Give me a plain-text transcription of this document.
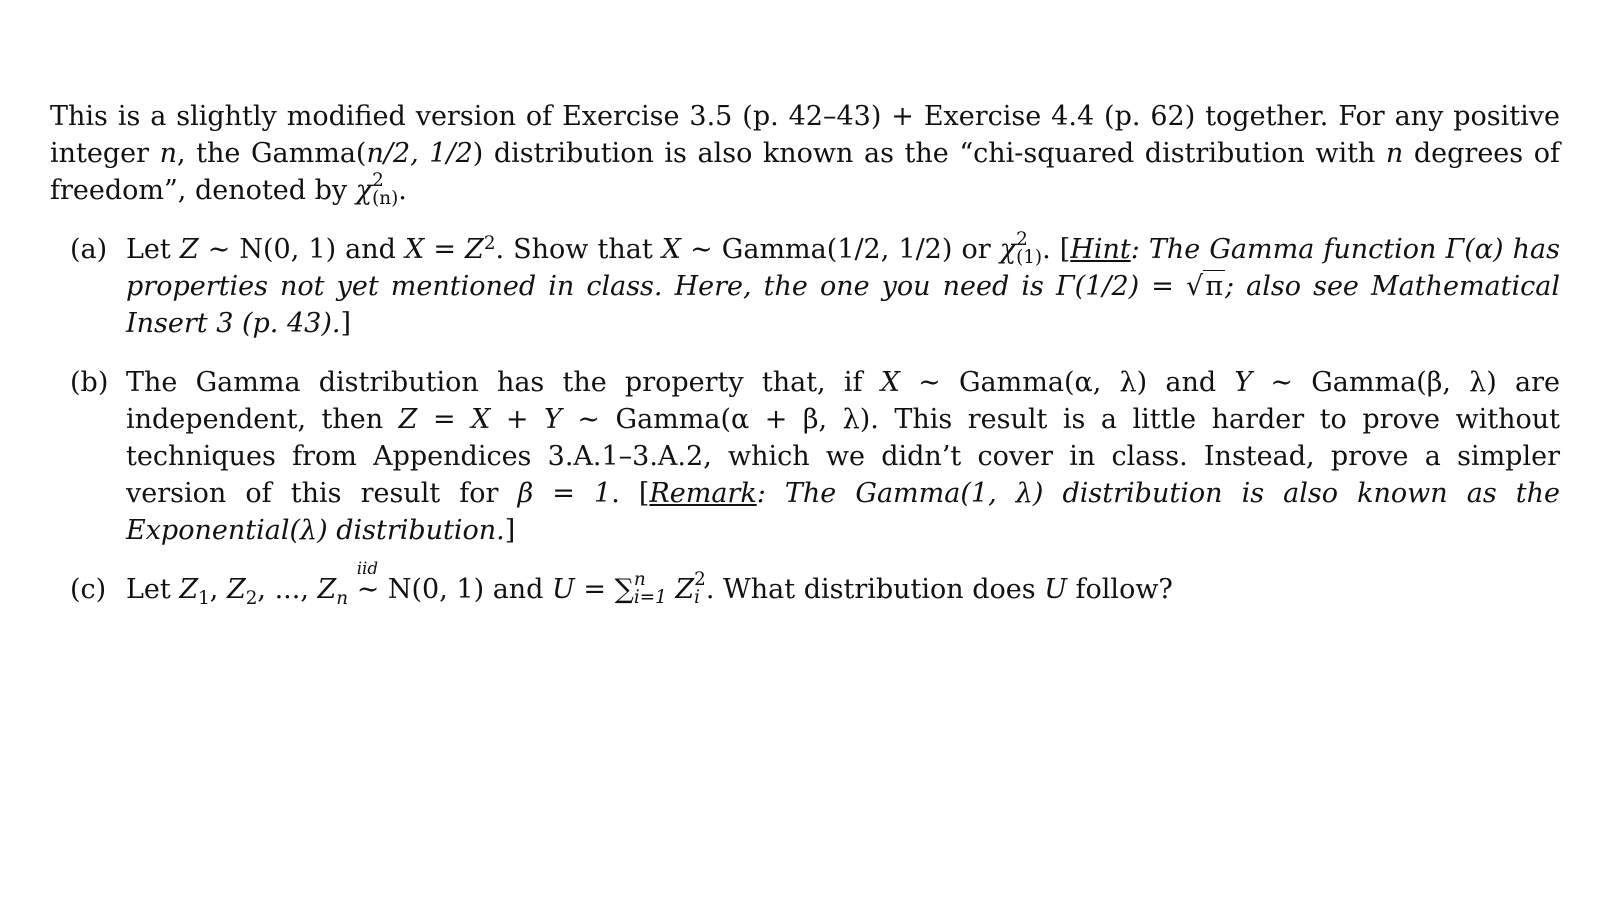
This is a slightly modified version of Exercise 3.5 (p. 42–43) + Exercise 4.4 (p. 62) together. For any positive integer n, the Gamma(n/2, 1/2) distribution is also known as the “chi-squared distribution with n degrees of freedom”, denoted by χ 2
(n) .

(a) Let Z ∼ N(0, 1) and $X = Z^2$. Show that X ∼ Gamma(1/2, 1/2) or χ 2
(1) . [Hint: The Gamma function Γ(α) has properties not yet mentioned in class. Here, the one you need is Γ(1/2) = √π; also see Mathematical Insert 3 (p. 43).]
(b) The Gamma distribution has the property that, if X ∼ Gamma(α, λ) and Y ∼ Gamma(β, λ) are independent, then Z = X + Y ∼ Gamma(α + β, λ). This result is a little harder to prove without techniques from Appendices 3.A.1–3.A.2, which we didn’t cover in class. Instead, prove a simpler version of this result for β = 1. [Remark: The Gamma(1, λ) distribution is also known as the Exponential(λ) distribution.]
(c) Let $Z_1$, $Z_2$, ..., $Z_n$
iid
∼ N(0, 1) and U = ∑ n
i=1 Z 2
i . What distribution does U follow?
